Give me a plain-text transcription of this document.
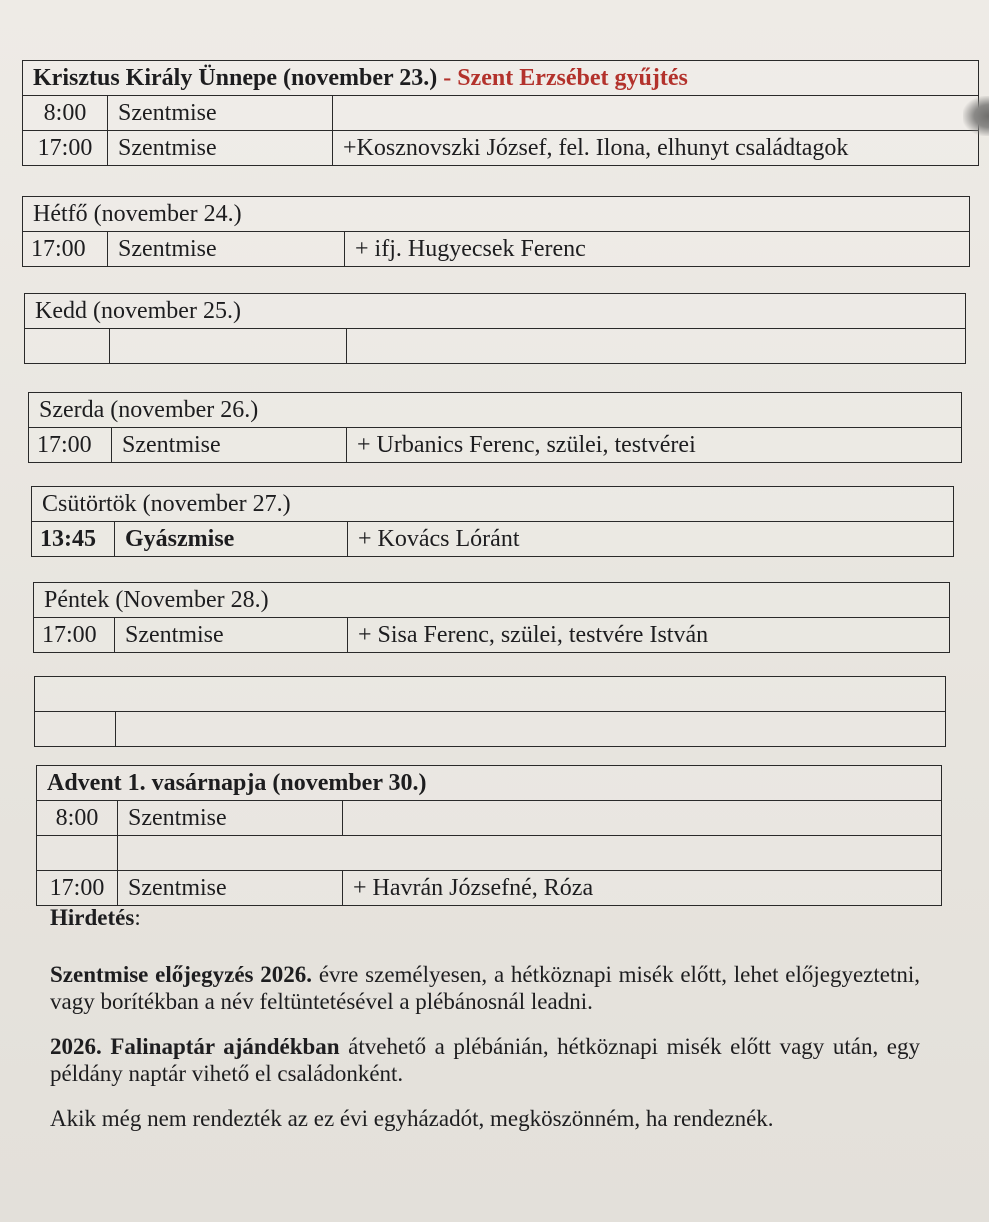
Krisztus Király Ünnepe (november 23.) - Szent Erzsébet gyűjtés
8:00	Szentmise
17:00	Szentmise	+Kosznovszki József, fel. Ilona, elhunyt családtagok
Hétfő (november 24.)
17:00	Szentmise	+ ifj. Hugyecsek Ferenc
Kedd (november 25.)
Szerda (november 26.)
17:00	Szentmise	+ Urbanics Ferenc, szülei, testvérei
Csütörtök (november 27.)
13:45	Gyászmise	+ Kovács Lóránt
Péntek (November 28.)
17:00	Szentmise	+ Sisa Ferenc, szülei, testvére István
Advent 1. vasárnapja (november 30.)
8:00	Szentmise
17:00 Szentmise	+ Havrán Józsefné, Róza

Hirdetés:

Szentmise előjegyzés 2026. évre személyesen, a hétköznapi misék előtt, lehet előjegyeztetni, vagy borítékban a név feltüntetésével a plébánosnál leadni.

2026. Falinaptár ajándékban átvehető a plébánián, hétköznapi misék előtt vagy után, egy példány naptár vihető el családonként.

Akik még nem rendezték az ez évi egyházadót, megköszönném, ha rendeznék.
